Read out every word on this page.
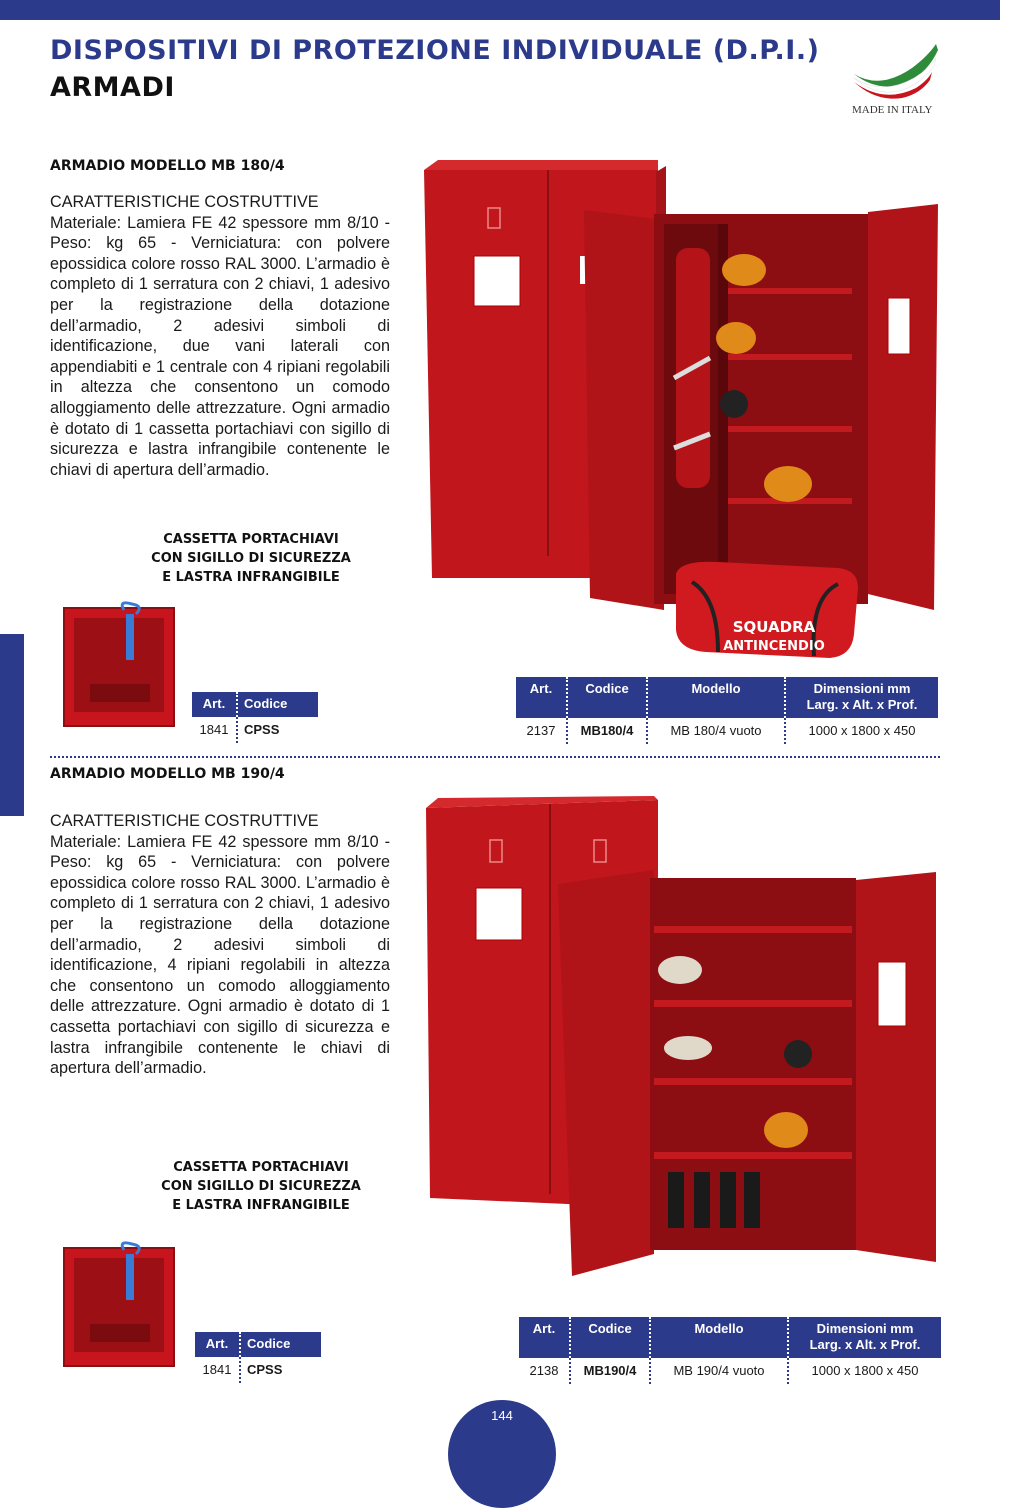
DISPOSITIVI DI PROTEZIONE INDIVIDUALE (D.P.I.)
ARMADI
MADE IN ITALY
ARMADIO MODELLO MB 180/4
CARATTERISTICHE COSTRUTTIVE
Materiale: Lamiera FE 42 spessore mm 8/10 - Peso: kg 65 - Verniciatura: con polvere epossidica colore rosso RAL 3000. L’armadio è completo di 1 serratura con 2 chiavi, 1 adesivo per la registrazione della dotazione dell’armadio, 2 adesivi simboli di identificazione, due vani laterali con appendiabiti e 1 centrale con 4 ripiani regolabili in altezza che consentono un comodo alloggiamento delle attrezzature. Ogni armadio è dotato di 1 cassetta portachiavi con sigillo di sicurezza e lastra infrangibile contenente le chiavi di apertura dell’armadio.
SQUADRA
ANTINCENDIO
CASSETTA PORTACHIAVI
CON SIGILLO DI SICUREZZA
E LASTRA INFRANGIBILE
Art.	Codice
1841	CPSS
Art.	Codice	Modello	Dimensioni mm
Larg. x Alt. x Prof.

2137	MB180/4	MB 180/4 vuoto	1000 x 1800 x 450
ARMADIO MODELLO MB 190/4
CARATTERISTICHE COSTRUTTIVE
Materiale: Lamiera FE 42 spessore mm 8/10 - Peso: kg 65 - Verniciatura: con polvere epossidica colore rosso RAL 3000. L’armadio è completo di 1 serratura con 2 chiavi, 1 adesivo per la registrazione della dotazione dell’armadio, 2 adesivi simboli di identificazione, 4 ripiani regolabili in altezza che consentono un comodo alloggiamento delle attrezzature. Ogni armadio è dotato di 1 cassetta portachiavi con sigillo di sicurezza e lastra infrangibile contenente le chiavi di apertura dell’armadio.
CASSETTA PORTACHIAVI
CON SIGILLO DI SICUREZZA
E LASTRA INFRANGIBILE
Art.	Codice
1841	CPSS
Art.	Codice	Modello	Dimensioni mm
Larg. x Alt. x Prof.

2138	MB190/4	MB 190/4 vuoto	1000 x 1800 x 450
144
